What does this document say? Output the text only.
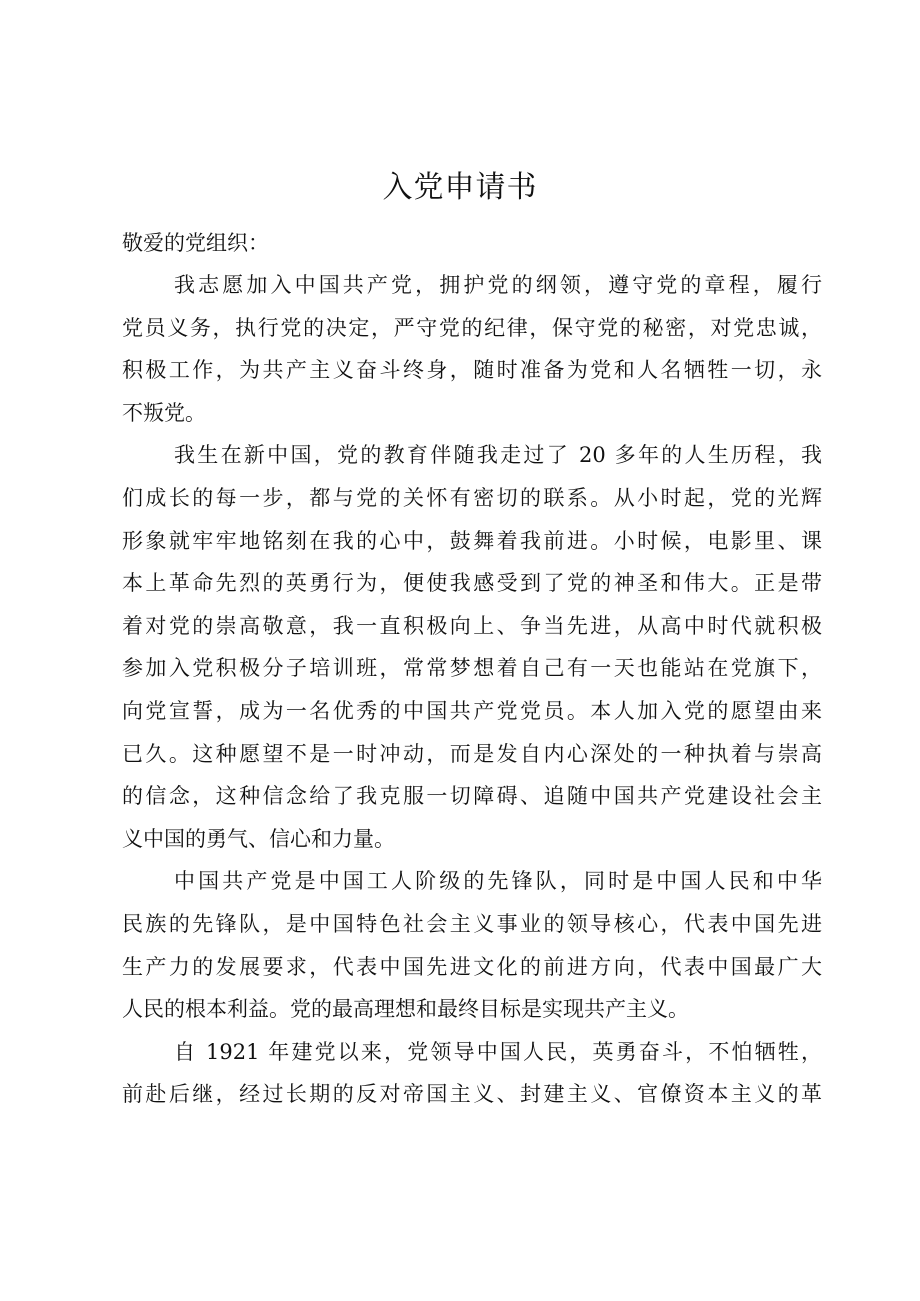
入党申请书
敬爱的党组织：
我志愿加入中国共产党，拥护党的纲领，遵守党的章程，履行
党员义务，执行党的决定，严守党的纪律，保守党的秘密，对党忠诚，
积极工作，为共产主义奋斗终身，随时准备为党和人名牺牲一切，永
不叛党。
我生在新中国，党的教育伴随我走过了 20 多年的人生历程，我
们成长的每一步，都与党的关怀有密切的联系。从小时起，党的光辉
形象就牢牢地铭刻在我的心中，鼓舞着我前进。小时候，电影里、课
本上革命先烈的英勇行为，便使我感受到了党的神圣和伟大。正是带
着对党的崇高敬意，我一直积极向上、争当先进，从高中时代就积极
参加入党积极分子培训班，常常梦想着自己有一天也能站在党旗下，
向党宣誓，成为一名优秀的中国共产党党员。本人加入党的愿望由来
已久。这种愿望不是一时冲动，而是发自内心深处的一种执着与崇高
的信念，这种信念给了我克服一切障碍、追随中国共产党建设社会主
义中国的勇气、信心和力量。
中国共产党是中国工人阶级的先锋队，同时是中国人民和中华
民族的先锋队，是中国特色社会主义事业的领导核心，代表中国先进
生产力的发展要求，代表中国先进文化的前进方向，代表中国最广大
人民的根本利益。党的最高理想和最终目标是实现共产主义。
自 1921 年建党以来，党领导中国人民，英勇奋斗，不怕牺牲，
前赴后继，经过长期的反对帝国主义、封建主义、官僚资本主义的革
